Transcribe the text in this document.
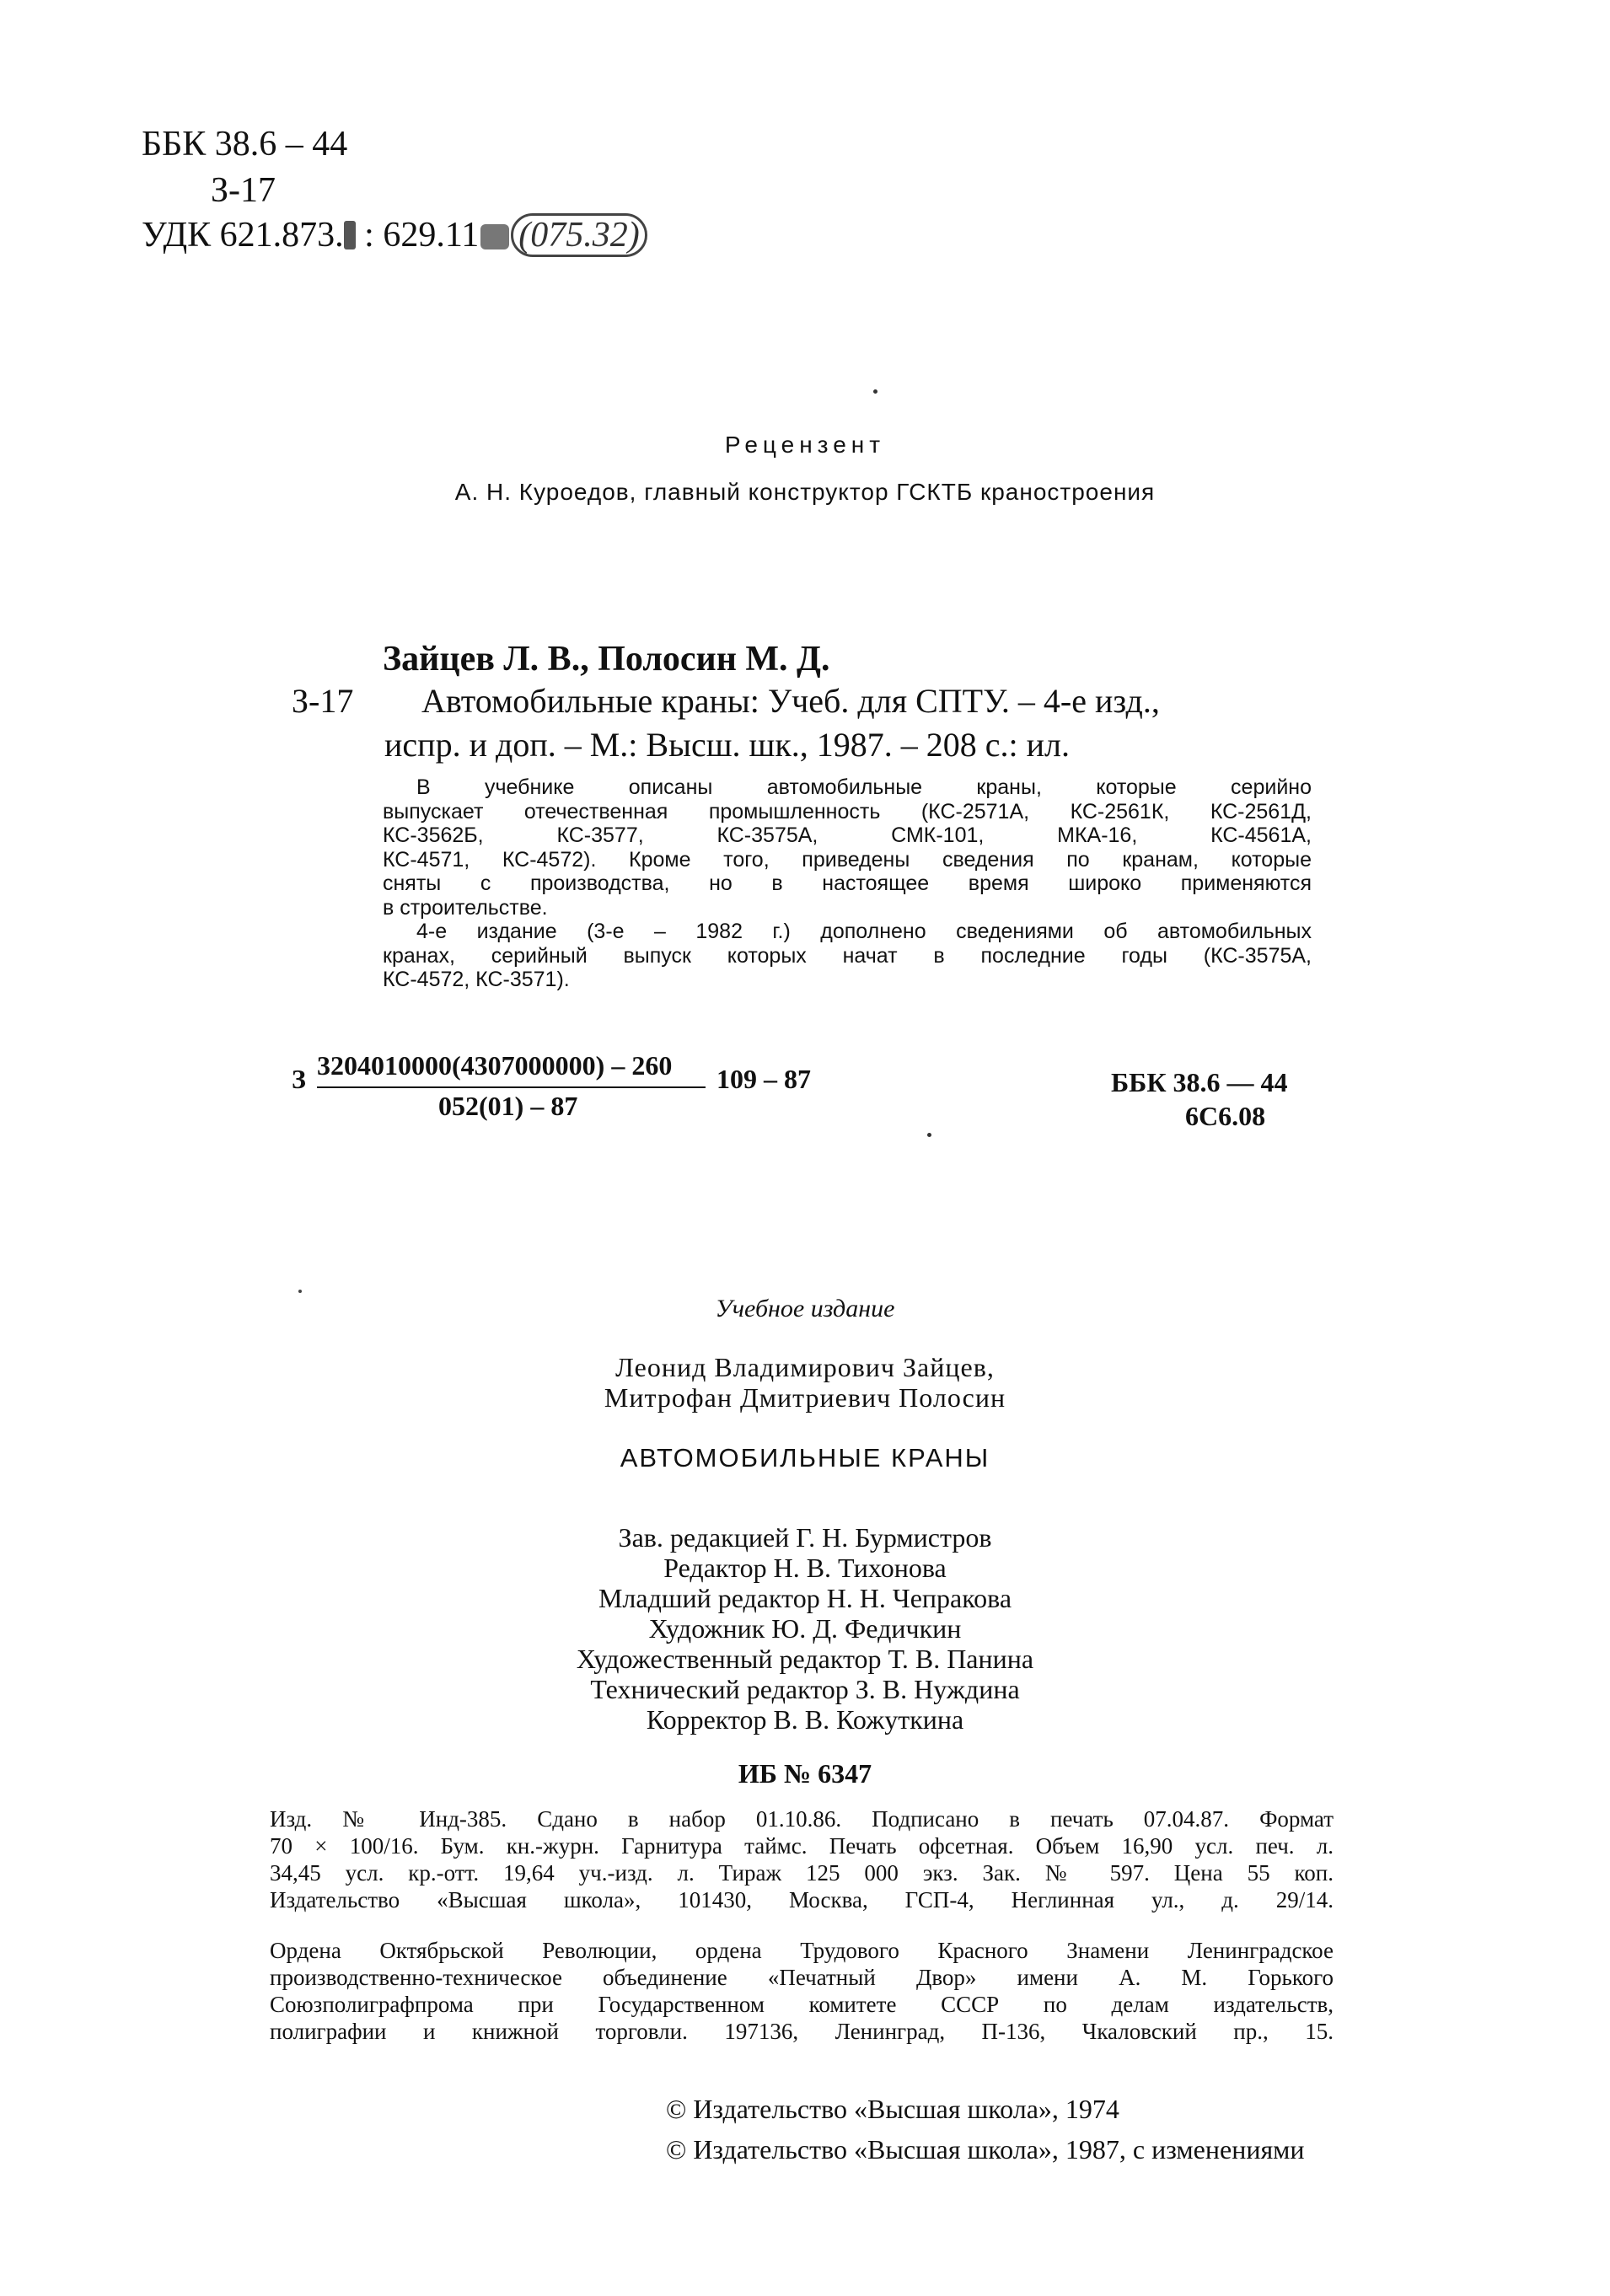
ББК 38.6 – 44
З-17
УДК 621.873. : 629.11 (075.32)
Рецензент
А. Н. Куроедов, главный конструктор ГСКТБ краностроения
Зайцев Л. В., Полосин М. Д.
З-17 Автомобильные краны: Учеб. для СПТУ. – 4-е изд.,
испр. и доп. – М.: Высш. шк., 1987. – 208 с.: ил.
В учебнике описаны автомобильные краны, которые серийно
выпускает отечественная промышленность (КС-2571А, КС-2561К, КС-2561Д,
КС-3562Б, КС-3577, КС-3575А, СМК-101, МКА-16, КС-4561А,
КС-4571, КС-4572). Кроме того, приведены сведения по кранам, которые
сняты с производства, но в настоящее время широко применяются
в строительстве.
4-е издание (3-е – 1982 г.) дополнено сведениями об автомобильных
кранах, серийный выпуск которых начат в последние годы (КС-3575А,
КС-4572, КС-3571).
З 3204010000(4307000000) – 260
052(01) – 87
109 – 87	ББК 38.6 — 44
6С6.08
Учебное издание
Леонид Владимирович Зайцев,
Митрофан Дмитриевич Полосин
АВТОМОБИЛЬНЫЕ КРАНЫ
Зав. редакцией Г. Н. Бурмистров
Редактор Н. В. Тихонова
Младший редактор Н. Н. Чепракова
Художник Ю. Д. Федичкин
Художественный редактор Т. В. Панина
Технический редактор З. В. Нуждина
Корректор В. В. Кожуткина
ИБ № 6347
Изд. № Инд-385. Сдано в набор 01.10.86. Подписано в печать 07.04.87. Формат
70 × 100/16. Бум. кн.-журн. Гарнитура таймс. Печать офсетная. Объем 16,90 усл. печ. л.
34,45 усл. кр.-отт. 19,64 уч.-изд. л. Тираж 125 000 экз. Зак. № 597. Цена 55 коп.
Издательство «Высшая школа», 101430, Москва, ГСП-4, Неглинная ул., д. 29/14.
Ордена Октябрьской Революции, ордена Трудового Красного Знамени Ленинградское
производственно-техническое объединение «Печатный Двор» имени А. М. Горького
Союзполиграфпрома при Государственном комитете СССР по делам издательств,
полиграфии и книжной торговли. 197136, Ленинград, П-136, Чкаловский пр., 15.
© Издательство «Высшая школа», 1974
© Издательство «Высшая школа», 1987, с изменениями
